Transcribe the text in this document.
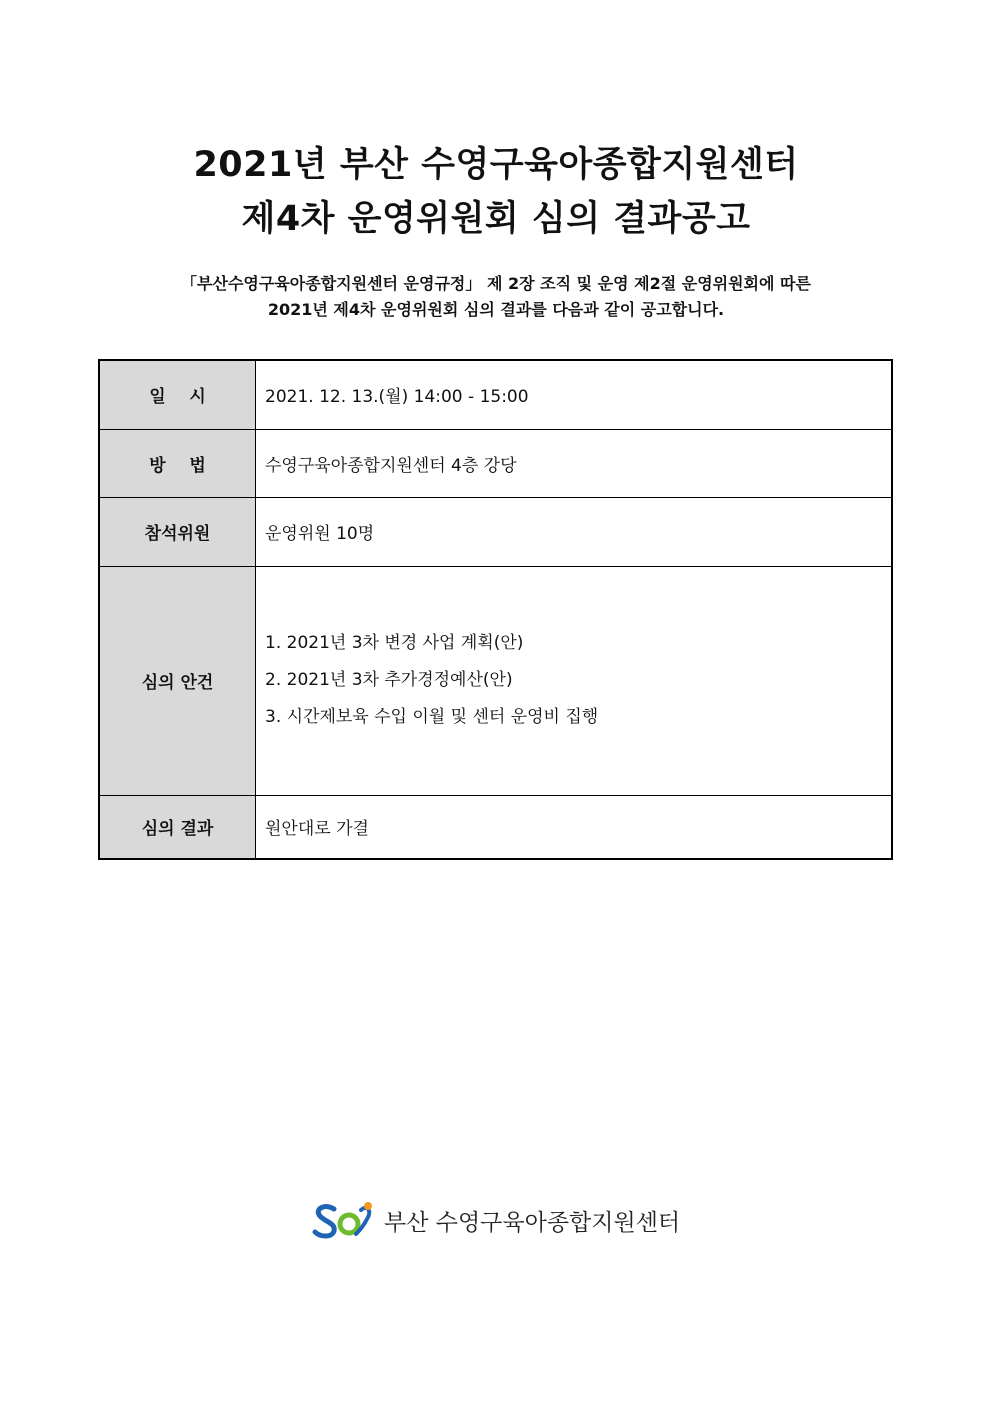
2021년 부산 수영구육아종합지원센터
제4차 운영위원회 심의 결과공고
「부산수영구육아종합지원센터 운영규정」 제 2장 조직 및 운영 제2절 운영위원회에 따른
2021년 제4차 운영위원회 심의 결과를 다음과 같이 공고합니다.
일    시	2021. 12. 13.(월) 14:00 - 15:00
방    법	수영구육아종합지원센터 4층 강당
참석위원	운영위원 10명
심의 안건	1. 2021년 3차 변경 사업 계획(안)
2. 2021년 3차 추가경정예산(안)
3. 시간제보육 수입 이월 및 센터 운영비 집행

심의 결과	원안대로 가결
부산 수영구육아종합지원센터
